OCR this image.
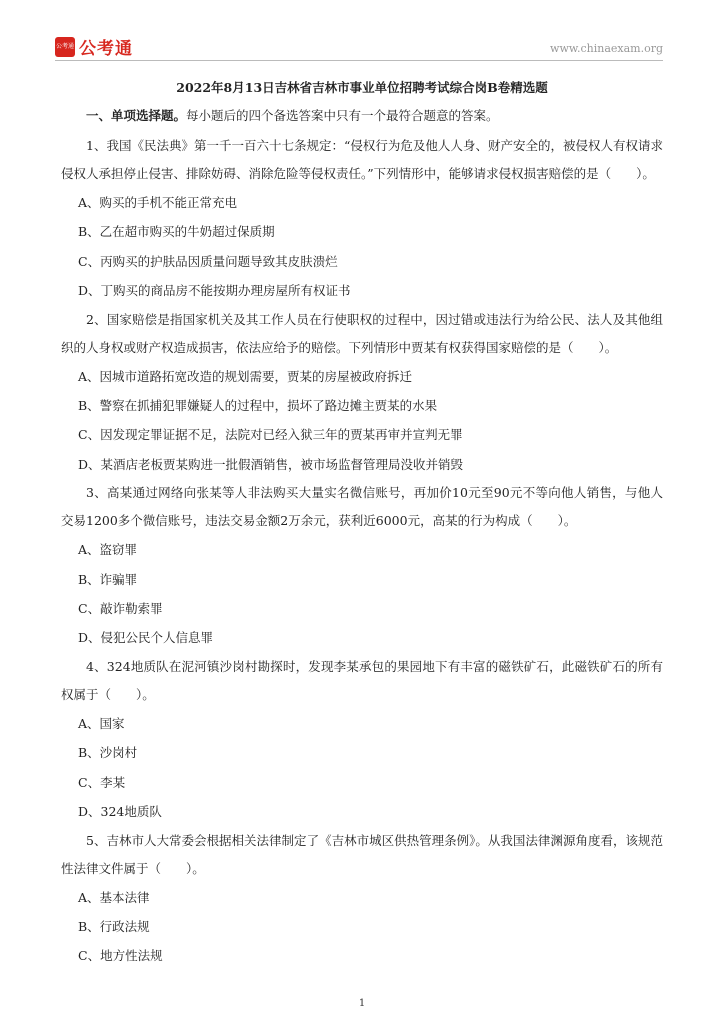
公考通 公考通	www.chinaexam.org
2022年8月13日吉林省吉林市事业单位招聘考试综合岗B卷精选题
一、单项选择题。每小题后的四个备选答案中只有一个最符合题意的答案。
1、我国《民法典》第一千一百六十七条规定：“侵权行为危及他人人身、财产安全的，被侵权人有权请求侵权人承担停止侵害、排除妨碍、消除危险等侵权责任。”下列情形中，能够请求侵权损害赔偿的是（　　）。
A、购买的手机不能正常充电
B、乙在超市购买的牛奶超过保质期
C、丙购买的护肤品因质量问题导致其皮肤溃烂
D、丁购买的商品房不能按期办理房屋所有权证书
2、国家赔偿是指国家机关及其工作人员在行使职权的过程中，因过错或违法行为给公民、法人及其他组织的人身权或财产权造成损害，依法应给予的赔偿。下列情形中贾某有权获得国家赔偿的是（　　）。
A、因城市道路拓宽改造的规划需要，贾某的房屋被政府拆迁
B、警察在抓捕犯罪嫌疑人的过程中，损坏了路边摊主贾某的水果
C、因发现定罪证据不足，法院对已经入狱三年的贾某再审并宣判无罪
D、某酒店老板贾某购进一批假酒销售，被市场监督管理局没收并销毁
3、高某通过网络向张某等人非法购买大量实名微信账号，再加价10元至90元不等向他人销售，与他人交易1200多个微信账号，违法交易金额2万余元，获利近6000元，高某的行为构成（　　）。
A、盗窃罪
B、诈骗罪
C、敲诈勒索罪
D、侵犯公民个人信息罪
4、324地质队在泥河镇沙岗村勘探时，发现李某承包的果园地下有丰富的磁铁矿石，此磁铁矿石的所有权属于（　　）。
A、国家
B、沙岗村
C、李某
D、324地质队
5、吉林市人大常委会根据相关法律制定了《吉林市城区供热管理条例》。从我国法律渊源角度看，该规范性法律文件属于（　　）。
A、基本法律
B、行政法规
C、地方性法规
1
